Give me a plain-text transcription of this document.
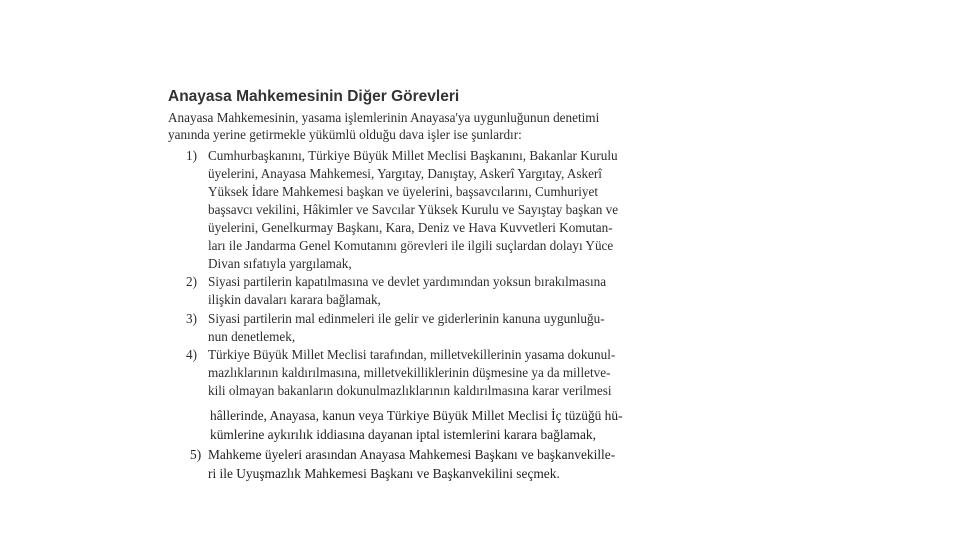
Anayasa Mahkemesinin Diğer Görevleri
Anayasa Mahkemesinin, yasama işlemlerinin Anayasa'ya uygunluğunun denetimi
yanında yerine getirmekle yükümlü olduğu dava işler ise şunlardır:
1) Cumhurbaşkanını, Türkiye Büyük Millet Meclisi Başkanını, Bakanlar Kurulu
üyelerini, Anayasa Mahkemesi, Yargıtay, Danıştay, Askerî Yargıtay, Askerî
Yüksek İdare Mahkemesi başkan ve üyelerini, başsavcılarını, Cumhuriyet
başsavcı vekilini, Hâkimler ve Savcılar Yüksek Kurulu ve Sayıştay başkan ve
üyelerini, Genelkurmay Başkanı, Kara, Deniz ve Hava Kuvvetleri Komutan-
ları ile Jandarma Genel Komutanını görevleri ile ilgili suçlardan dolayı Yüce
Divan sıfatıyla yargılamak,
2) Siyasi partilerin kapatılmasına ve devlet yardımından yoksun bırakılmasına
ilişkin davaları karara bağlamak,
3) Siyasi partilerin mal edinmeleri ile gelir ve giderlerinin kanuna uygunluğu-
nun denetlemek,
4) Türkiye Büyük Millet Meclisi tarafından, milletvekillerinin yasama dokunul-
mazlıklarının kaldırılmasına, milletvekilliklerinin düşmesine ya da milletve-
kili olmayan bakanların dokunulmazlıklarının kaldırılmasına karar verilmesi
hâllerinde, Anayasa, kanun veya Türkiye Büyük Millet Meclisi İç tüzüğü hü-
kümlerine aykırılık iddiasına dayanan iptal istemlerini karara bağlamak,
5) Mahkeme üyeleri arasından Anayasa Mahkemesi Başkanı ve başkanvekille-
ri ile Uyuşmazlık Mahkemesi Başkanı ve Başkanvekilini seçmek.
